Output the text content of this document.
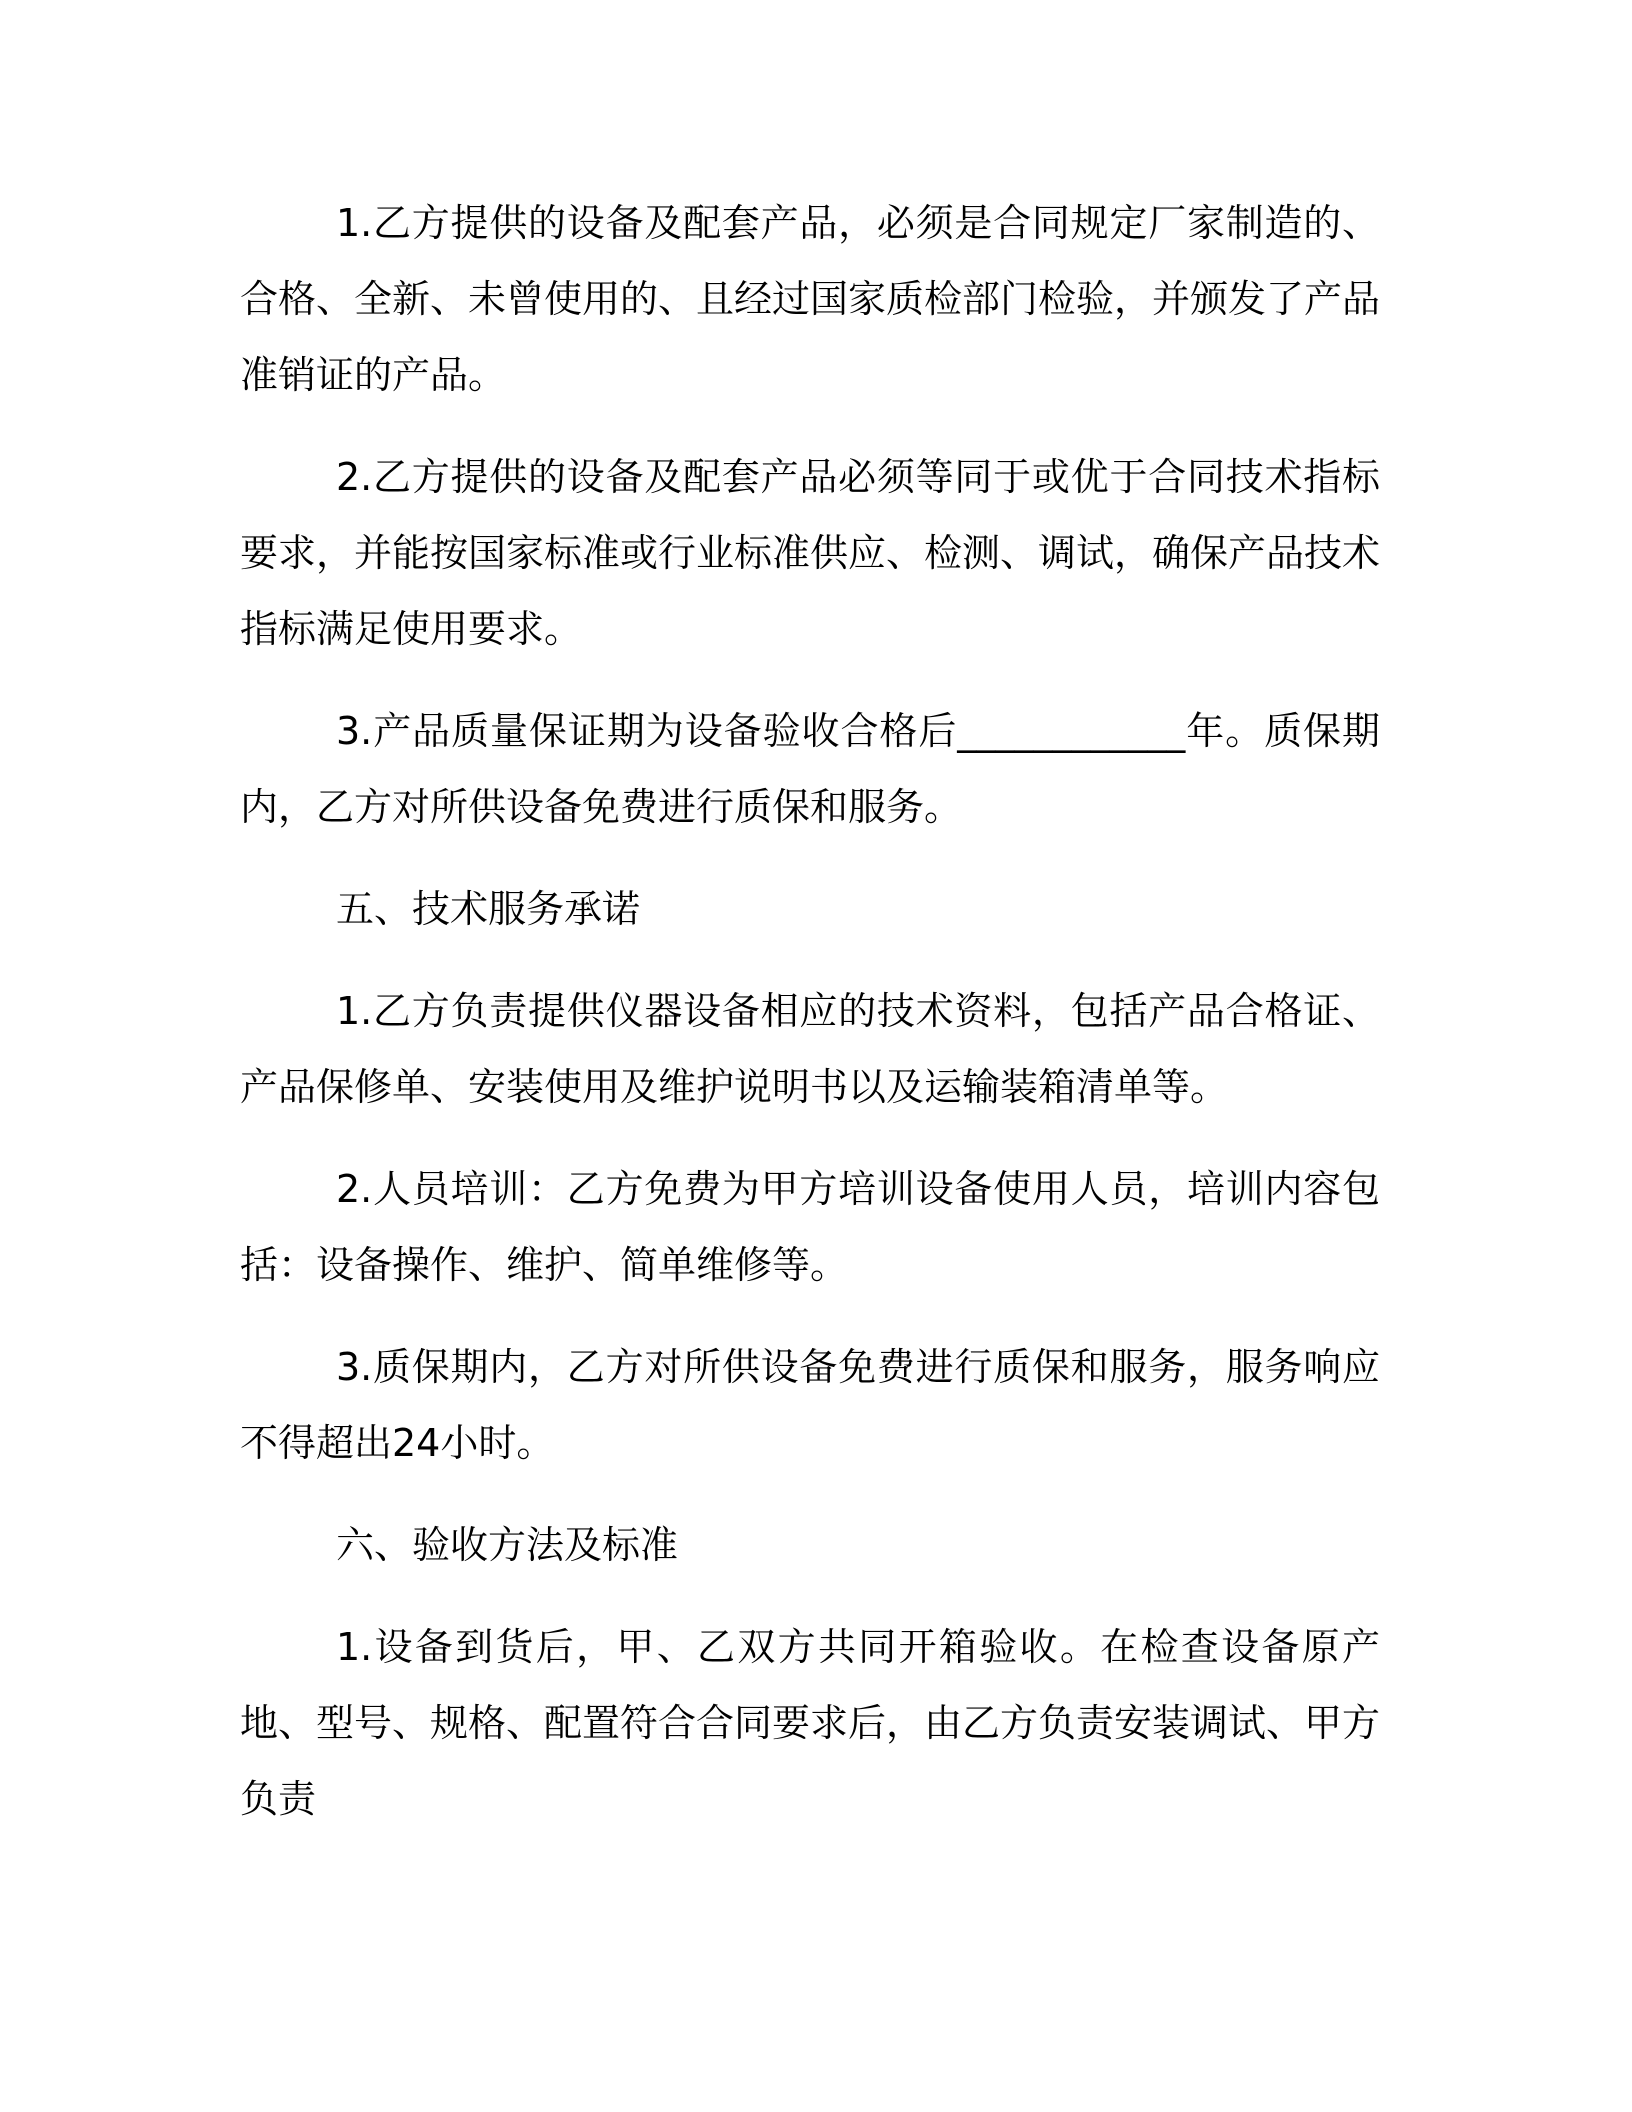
1.乙方提供的设备及配套产品，必须是合同规定厂家制造的、合格、全新、未曾使用的、且经过国家质检部门检验，并颁发了产品准销证的产品。

2.乙方提供的设备及配套产品必须等同于或优于合同技术指标要求，并能按国家标准或行业标准供应、检测、调试，确保产品技术指标满足使用要求。

3.产品质量保证期为设备验收合格后____________年。质保期内，乙方对所供设备免费进行质保和服务。

五、技术服务承诺

1.乙方负责提供仪器设备相应的技术资料，包括产品合格证、产品保修单、安装使用及维护说明书以及运输装箱清单等。

2.人员培训：乙方免费为甲方培训设备使用人员，培训内容包括：设备操作、维护、简单维修等。

3.质保期内，乙方对所供设备免费进行质保和服务，服务响应不得超出24小时。

六、验收方法及标准

1.设备到货后，甲、乙双方共同开箱验收。在检查设备原产地、型号、规格、配置符合合同要求后，由乙方负责安装调试、甲方负责
